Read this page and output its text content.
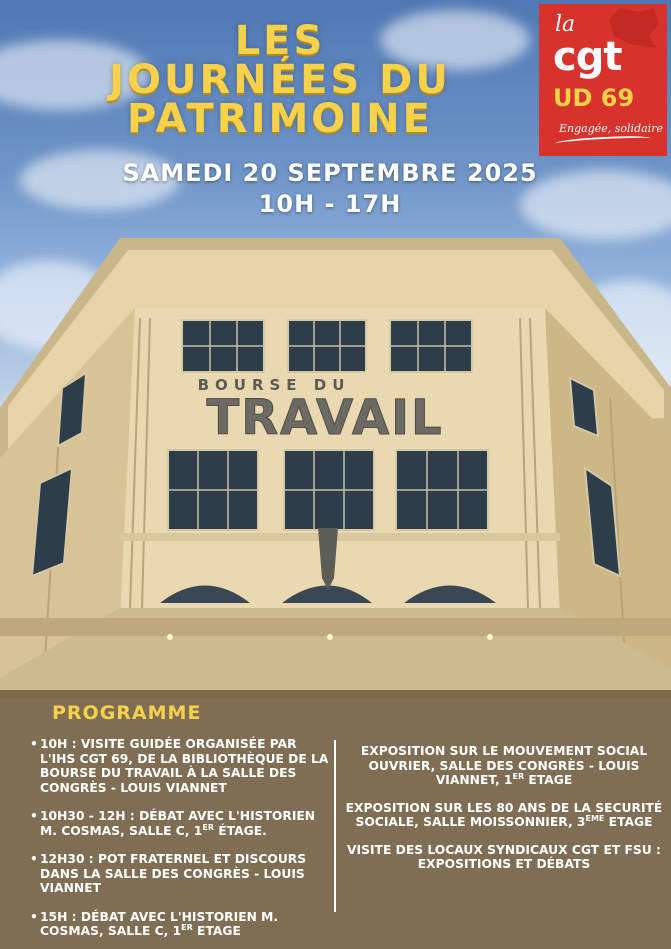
BOURSE DU
TRAVAIL
LES
JOURNÉES DU
PATRIMOINE
SAMEDI 20 SEPTEMBRE 2025
10H - 17H
la
cgt
UD 69
Engagée, solidaire
PROGRAMME
• 10H : VISITE GUIDÉE ORGANISÉE PAR L'IHS CGT 69, DE LA BIBLIOTHÈQUE DE LA BOURSE DU TRAVAIL À LA SALLE DES CONGRÈS - LOUIS VIANNET
• 10H30 - 12H : DÉBAT AVEC L'HISTORIEN M. COSMAS, SALLE C, 1ER ÉTAGE.
• 12H30 : POT FRATERNEL ET DISCOURS DANS LA SALLE DES CONGRÈS - LOUIS VIANNET
• 15H : DÉBAT AVEC L'HISTORIEN M. COSMAS, SALLE C, 1ER ETAGE

EXPOSITION SUR LE MOUVEMENT SOCIAL OUVRIER, SALLE DES CONGRÈS - LOUIS VIANNET, 1ER ETAGE

EXPOSITION SUR LES 80 ANS DE LA SECURITÉ SOCIALE, SALLE MOISSONNIER, 3EME ETAGE

VISITE DES LOCAUX SYNDICAUX CGT ET FSU : EXPOSITIONS ET DÉBATS
